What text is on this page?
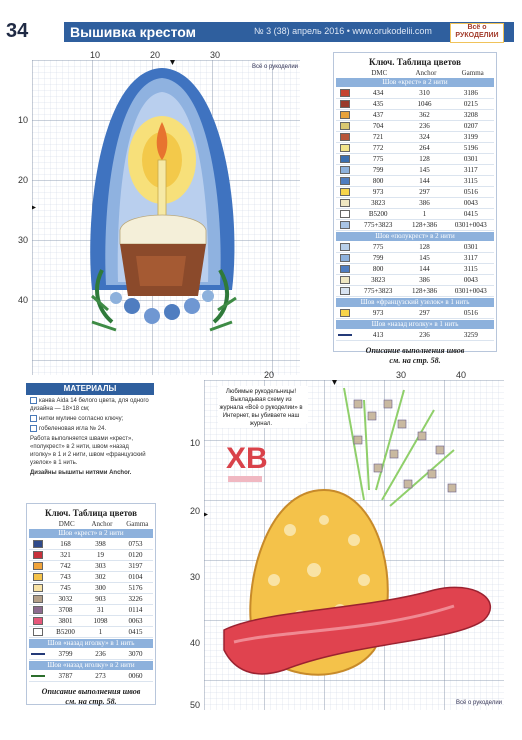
34	Вышивка крестом	№ 3 (38) апрель 2016 • www.orukodelii.com	Всё о
РУКОДЕЛИИ
10	20	30
10
20
30
40
Всё о рукоделии	Ключ. Таблица цветов
DMC	Anchor	Gamma
Шов «крест» в 2 нити
434	310	3186
435	1046	0215
437	362	3208
704	236	0207
721	324	3199
772	264	5196
775	128	0301
799	145	3117
800	144	3115
973	297	0516
3823	386	0043
B5200	1	0415
775+3823	128+386	0301+0043
Шов «полукрест» в 2 нити
775	128	0301
799	145	3117
800	144	3115
3823	386	0043
775+3823	128+386	0301+0043
Шов «французский узелок» в 1 нить
973	297	0516
Шов «назад иголку» в 1 нить
413	236	3259
Описание выполнения швов
см. на стр. 58.
МАТЕРИАЛЫ

канва Aida 14 белого цвета, для одного дизайна — 18×18 см;

нитки мулине согласно ключу;

гобеленовая игла № 24.

Работа выполняется швами «крест», «полукрест» в 2 нити, швом «назад иголку» в 1 и 2 нити, швом «французский узелок» в 1 нить.

Дизайны вышиты нитями Anchor.

Ключ. Таблица цветов
DMC	Anchor	Gamma
Шов «крест» в 2 нити
168	398	0753
321	19	0120
742	303	3197
743	302	0104
745	300	5176
3032	903	3226
3708	31	0114
3801	1098	0063
B5200	1	0415
Шов «назад иголку» в 1 нить
3799	236	3070
Шов «назад иголку» в 2 нити
3787	273	0060
Описание выполнения швов
см. на стр. 58.
ХВ
20	30	40
10
20
30
40
50	Всё о рукоделии
Любимые рукодельницы! Выкладывая схему из журнала «Всё о рукоделии» в Интернет, вы убиваете наш журнал.
